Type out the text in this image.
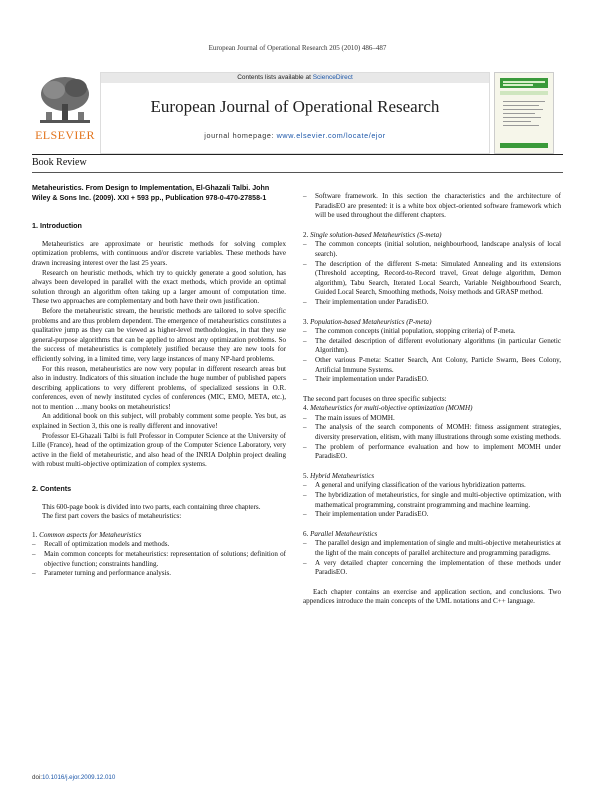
European Journal of Operational Research 205 (2010) 486–487
ELSEVIER
Contents lists available at ScienceDirect
European Journal of Operational Research
journal homepage: www.elsevier.com/locate/ejor
Book Review
Metaheuristics. From Design to Implementation, El-Ghazali Talbi. John Wiley & Sons Inc. (2009). XXI + 593 pp., Publication 978-0-470-27858-1
1. Introduction

Metaheuristics are approximate or heuristic methods for solving complex optimization problems, with continuous and/or discrete variables. These methods have drawn increasing interest over the last 25 years.

Research on heuristic methods, which try to quickly generate a good solution, has always been developed in parallel with the exact methods, which provide an optimal solution through an algorithm often taking up a larger amount of computation time. These two approaches are complementary and both have their own justification.

Before the metaheuristic stream, the heuristic methods are tailored to solve specific problems and are thus problem dependent. The emergence of metaheuristics constitutes a qualitative jump as they can be viewed as higher-level methodologies, in that they use general-purpose algorithms that can be applied to almost any optimization problems. So the success of metaheuristics is completely justified because they are new tools for efficiently solving, in a limited time, very large instances of many NP-hard problems.

For this reason, metaheuristics are now very popular in different research areas but also in industry. Indicators of this situation include the huge number of published papers describing applications to very different problems, of specialized sessions in O.R. conferences, even of newly instituted cycles of conferences (MIC, EMO, META, etc.), not to mention …many books on metaheuristics!

An additional book on this subject, will probably comment some people. Yes but, as explained in Section 3, this one is really different and innovative!

Professor El-Ghazali Talbi is full Professor in Computer Science at the University of Lille (France), head of the optimization group of the Computer Science Laboratory, very active in the field of metaheuristic, and also head of the INRIA Dolphin project dealing with robust multi-objective optimization of complex systems.

2. Contents

This 600-page book is divided into two parts, each containing three chapters.

The first part covers the basics of metaheuristics:

1. Common aspects for Metaheuristics
– Recall of optimization models and methods.
– Main common concepts for metaheuristics: representation of solutions; definition of objective function; constraints handling.
– Parameter turning and performance analysis.
– Software framework. In this section the characteristics and the architecture of ParadisEO are presented: it is a white box object-oriented software framework which will be used throughout the different chapters.
2. Single solution-based Metaheuristics (S-meta)
– The common concepts (initial solution, neighbourhood, landscape analysis of local search).
– The description of the different S-meta: Simulated Annealing and its extensions (Threshold accepting, Record-to-Record travel, Great deluge algorithm, Demon algorithm), Tabu Search, Iterated Local Search, Variable Neighbourhood Search, Guided Local Search, Smoothing methods, Noisy methods and GRASP method.
– Their implementation under ParadisEO.
3. Population-based Metaheuristics (P-meta)
– The common concepts (initial population, stopping criteria) of P-meta.
– The detailed description of different evolutionary algorithms (in particular Genetic Algorithm).
– Other various P-meta: Scatter Search, Ant Colony, Particle Swarm, Bees Colony, Artificial Immune Systems.
– Their implementation under ParadisEO.

The second part focuses on three specific subjects:

4. Metaheuristics for multi-objective optimization (MOMH)
– The main issues of MOMH.
– The analysis of the search components of MOMH: fitness assignment strategies, diversity preservation, elitism, with many illustrations through some existing methods.
– The problem of performance evaluation and how to implement MOMH under ParadisEO.
5. Hybrid Metaheuristics
– A general and unifying classification of the various hybridization patterns.
– The hybridization of metaheuristics, for single and multi-objective optimization, with mathematical programming, constraint programming and machine learning.
– Their implementation under ParadisEO.
6. Parallel Metaheuristics
– The parallel design and implementation of single and multi-objective metaheuristics at the light of the main concepts of parallel architecture and programming paradigms.
– A very detailed chapter concerning the implementation of these methods under ParadisEO.

Each chapter contains an exercise and application section, and conclusions. Two appendices introduce the main concepts of the UML notations and C++ language.

doi:10.1016/j.ejor.2009.12.010
